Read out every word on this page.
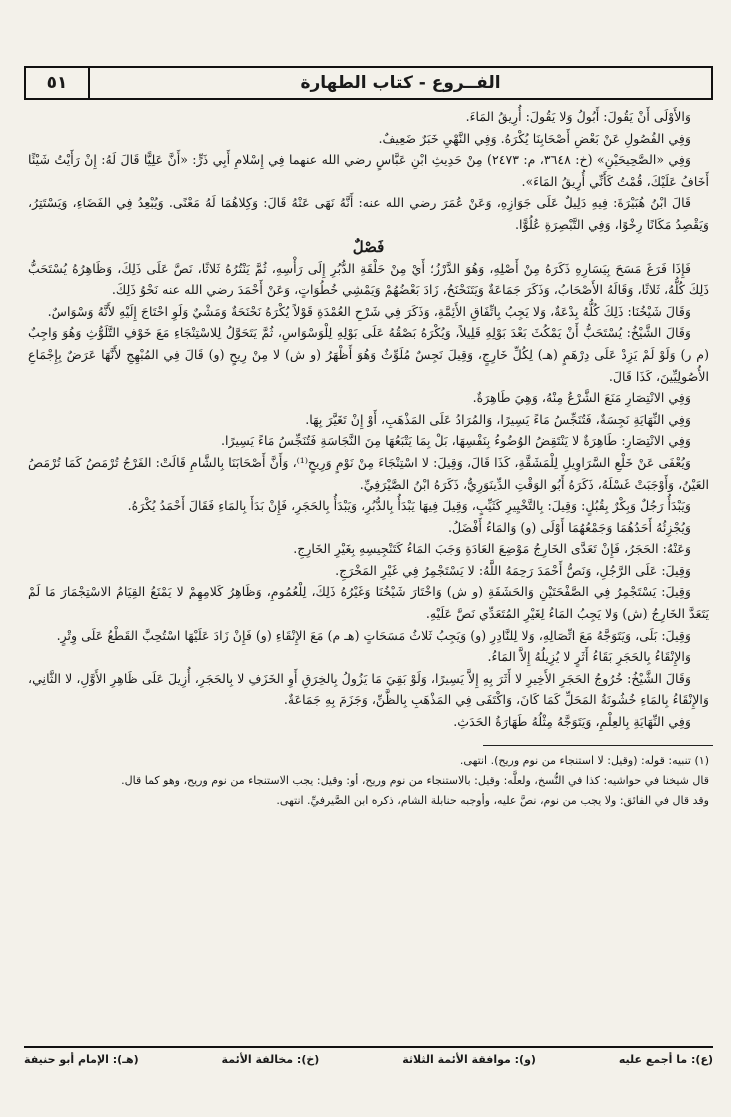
الفــروع - كتاب الطهارة
٥١

وَالأَوْلَى أَنْ يَقُولَ: أَبُولُ وَلا يَقُولَ: أُرِيقُ المَاءَ.

وَفِي الفُصُولِ عَنْ بَعْضِ أَصْحَابِنَا يُكْرَهُ. وَفِي النَّهْيِ خَبَرٌ ضَعِيفٌ.

وَفِي «الصَّحِيحَيْنِ» (خ: ٣٦٤٨، م: ٢٤٧٣) مِنْ حَدِيثِ ابْنِ عَبَّاسٍ رضي الله عنهما فِي إِسْلامِ أَبِي ذَرٍّ: «أَنَّ عَلِيًّا قَالَ لَهُ: إِنْ رَأَيْتُ شَيْئًا أَخَافُ عَلَيْكَ، قُمْتُ كَأَنِّي أُرِيقُ المَاءَ».

قَالَ ابْنُ هُبَيْرَةَ: فِيهِ دَلِيلٌ عَلَى جَوَازِهِ، وَعَنْ عُمَرَ رضي الله عنه: أَنَّهُ نَهَى عَنْهُ قَالَ: وَكِلاهُمَا لَهُ مَعْنًى. وَيُبْعِدُ فِي الفَضَاءِ، وَيَسْتَتِرُ، وَيَقْصِدُ مَكَانًا رِخْوًا، وَفِي التَّبْصِرَةِ عُلُوًّا.

فَصْلٌ

فَإِذَا فَرَغَ مَسَحَ بِيَسَارِهِ ذَكَرَهُ مِنْ أَصْلِهِ، وَهُوَ الدَّرْزُ؛ أَيْ مِنْ حَلْقَةِ الدُّبُرِ إِلَى رَأْسِهِ، ثُمَّ يَنْتُرُهُ ثَلاثًا، نَصَّ عَلَى ذَلِكَ، وَظَاهِرُهُ يُسْتَحَبُّ ذَلِكَ كُلُّهُ، ثَلاثًا، وَقَالَهُ الأَصْحَابُ، وَذَكَرَ جَمَاعَةٌ وَيَتَنَحْنَحُ، زَادَ بَعْضُهُمْ وَيَمْشِي خُطُوَاتٍ، وَعَنْ أَحْمَدَ رضي الله عنه نَحْوُ ذَلِكَ.

وَقَالَ شَيْخُنَا: ذَلِكَ كُلُّهُ بِدْعَةٌ، وَلا يَجِبُ بِاتِّفَاقِ الأَئِمَّةِ، وَذَكَرَ فِي شَرْحِ العُمْدَةِ قَوْلاً يُكْرَهُ نَحْنَحَةٌ وَمَشْيٌ وَلَوِ احْتَاجَ إِلَيْهِ لأَنَّهُ وَسْوَاسٌ.

وَقَالَ الشَّيْخُ: يُسْتَحَبُّ أَنْ يَمْكُثَ بَعْدَ بَوْلِهِ قَلِيلاً، وَيُكْرَهُ بَصْقُهُ عَلَى بَوْلِهِ لِلْوَسْوَاسِ، ثُمَّ يَتَحَوَّلُ لِلاسْتِنْجَاءِ مَعَ خَوْفِ التَّلَوُّثِ وَهُوَ وَاجِبٌ (م ر) وَلَوْ لَمْ يَزِدْ عَلَى دِرْهَمٍ (هـ) لِكُلِّ خَارِجٍ، وَقِيلَ نَجِسٌ مُلَوِّثٌ وَهُوَ أَظْهَرُ (و ش) لا مِنْ رِيحٍ (و) قَالَ فِي المُبْهِجِ لأَنَّهَا عَرَضٌ بِإِجْمَاعِ الأُصُولِيِّينَ، كَذَا قَالَ.

وَفِي الانْتِصَارِ مَنَعَ الشَّرْعُ مِنْهُ، وَهِيَ طَاهِرَةٌ.

وَفِي النِّهَايَةِ نَجِسَةٌ، فَتُنَجِّسُ مَاءً يَسِيرًا، وَالمُرَادُ عَلَى المَذْهَبِ، أَوْ إِنْ تَغَيَّرَ بِهَا.

وَفِي الانْتِصَارِ: طَاهِرَةٌ لا يَنْتَقِضُ الوُضُوءُ بِنَفْسِهَا، بَلْ بِمَا يَتْبَعُهَا مِنَ النَّجَاسَةِ فَتُنَجِّسُ مَاءً يَسِيرًا.

وَيُعْفَى عَنْ خَلْعِ السَّرَاوِيلِ لِلْمَشَقَّةِ، كَذَا قَالَ، وَقِيلَ: لا اسْتِنْجَاءَ مِنْ نَوْمٍ وَرِيحٍ⁽¹⁾، وَأَنَّ أَصْحَابَنَا بِالشَّامِ قَالَتْ: الفَرْجُ تُرْمَصُ كَمَا تُرْمَصُ العَيْنُ، وَأَوْجَبَتْ غَسْلَهُ، ذَكَرَهُ أَبُو الوَقْتِ الدِّينَوَرِيُّ، ذَكَرَهُ ابْنُ الصَّيْرَفِيِّ.

وَيَبْدَأُ رَجُلٌ وَبِكْرٌ بِقُبُلٍ: وَقِيلَ: بِالتَّخْيِيرِ كَثَيِّبٍ، وَقِيلَ فِيهَا يَبْدَأُ بِالدُّبُرِ، وَيَبْدَأُ بِالحَجَرِ، فَإِنْ بَدَأَ بِالمَاءِ فَقَالَ أَحْمَدُ يُكْرَهُ.

وَيُجْزِئُهُ أَحَدُهُمَا وَجَمْعُهُمَا أَوْلَى (و) وَالمَاءُ أَفْضَلُ.

وَعَنْهُ: الحَجَرُ، فَإِنْ تَعَدَّى الخَارِجُ مَوْضِعَ العَادَةِ وَجَبَ المَاءُ كَتَنْجِيسِهِ بِغَيْرِ الخَارِجِ.

وَقِيلَ: عَلَى الرَّجُلِ، وَنَصُّ أَحْمَدَ رَحِمَهُ اللَّهُ: لا يَسْتَجْمِرُ فِي غَيْرِ المَخْرَجِ.

وَقِيلَ: يَسْتَجْمِرُ فِي الصَّفْحَتَيْنِ وَالحَشَفَةِ (و ش) وَاخْتَارَ شَيْخُنَا وَغَيْرُهُ ذَلِكَ، لِلْعُمُومِ، وَظَاهِرُ كَلامِهِمْ لا يَمْنَعُ القِيَامُ الاسْتِجْمَارَ مَا لَمْ يَتَعَدَّ الخَارِجُ (ش) وَلا يَجِبُ المَاءُ لِغَيْرِ المُتَعَدِّي نَصَّ عَلَيْهِ.

وَقِيلَ: بَلَى، وَيَتَوَجَّهُ مَعَ اتِّصَالِهِ، وَلا لِلنَّادِرِ (و) وَيَجِبُ ثَلاثُ مَسَحَاتٍ (هـ م) مَعَ الإِنْقَاءِ (و) فَإِنْ زَادَ عَلَيْهَا اسْتُحِبَّ القَطْعُ عَلَى وِتْرٍ.

وَالإِنْقَاءُ بِالحَجَرِ بَقَاءُ أَثَرٍ لا يُزِيلُهُ إِلاَّ المَاءُ.

وَقَالَ الشَّيْخُ: خُرُوجُ الحَجَرِ الأَخِيرِ لا أَثَرَ بِهِ إِلاَّ يَسِيرًا، وَلَوْ بَقِيَ مَا يَزُولُ بِالخِرَقِ أَوِ الخَزَفِ لا بِالحَجَرِ، أُزِيلَ عَلَى ظَاهِرِ الأَوَّلِ، لا الثَّانِي، وَالإِنْقَاءُ بِالمَاءِ خُشُونَةُ المَحَلِّ كَمَا كَانَ، وَاكْتَفَى فِي المَذْهَبِ بِالظَّنِّ، وَجَزَمَ بِهِ جَمَاعَةٌ.

وَفِي النِّهَايَةِ بِالعِلْمِ، وَيَتَوَجَّهُ مِثْلُهُ طَهَارَةُ الحَدَثِ.

(١) تنبيه: قوله: (وقيل: لا استنجاء من نوم وريح). انتهى.

قال شيخنا في حواشيه: كذا في النُّسخ، ولعلَّه: وقيل: بالاستنجاء من نوم وريح، أو: وقيل: يجب الاستنجاء من نوم وريح، وهو كما قال.

وقد قال في الفائق: ولا يجب من نوم، نصَّ عليه، وأوجبه حنابلة الشام، ذكره ابن الصَّيرفيِّ. انتهى.

(ع): ما أجمع عليه
(و): موافقة الأئمة الثلاثة
(خ): مخالفة الأئمة
(هـ): الإمام أبو حنيفة
